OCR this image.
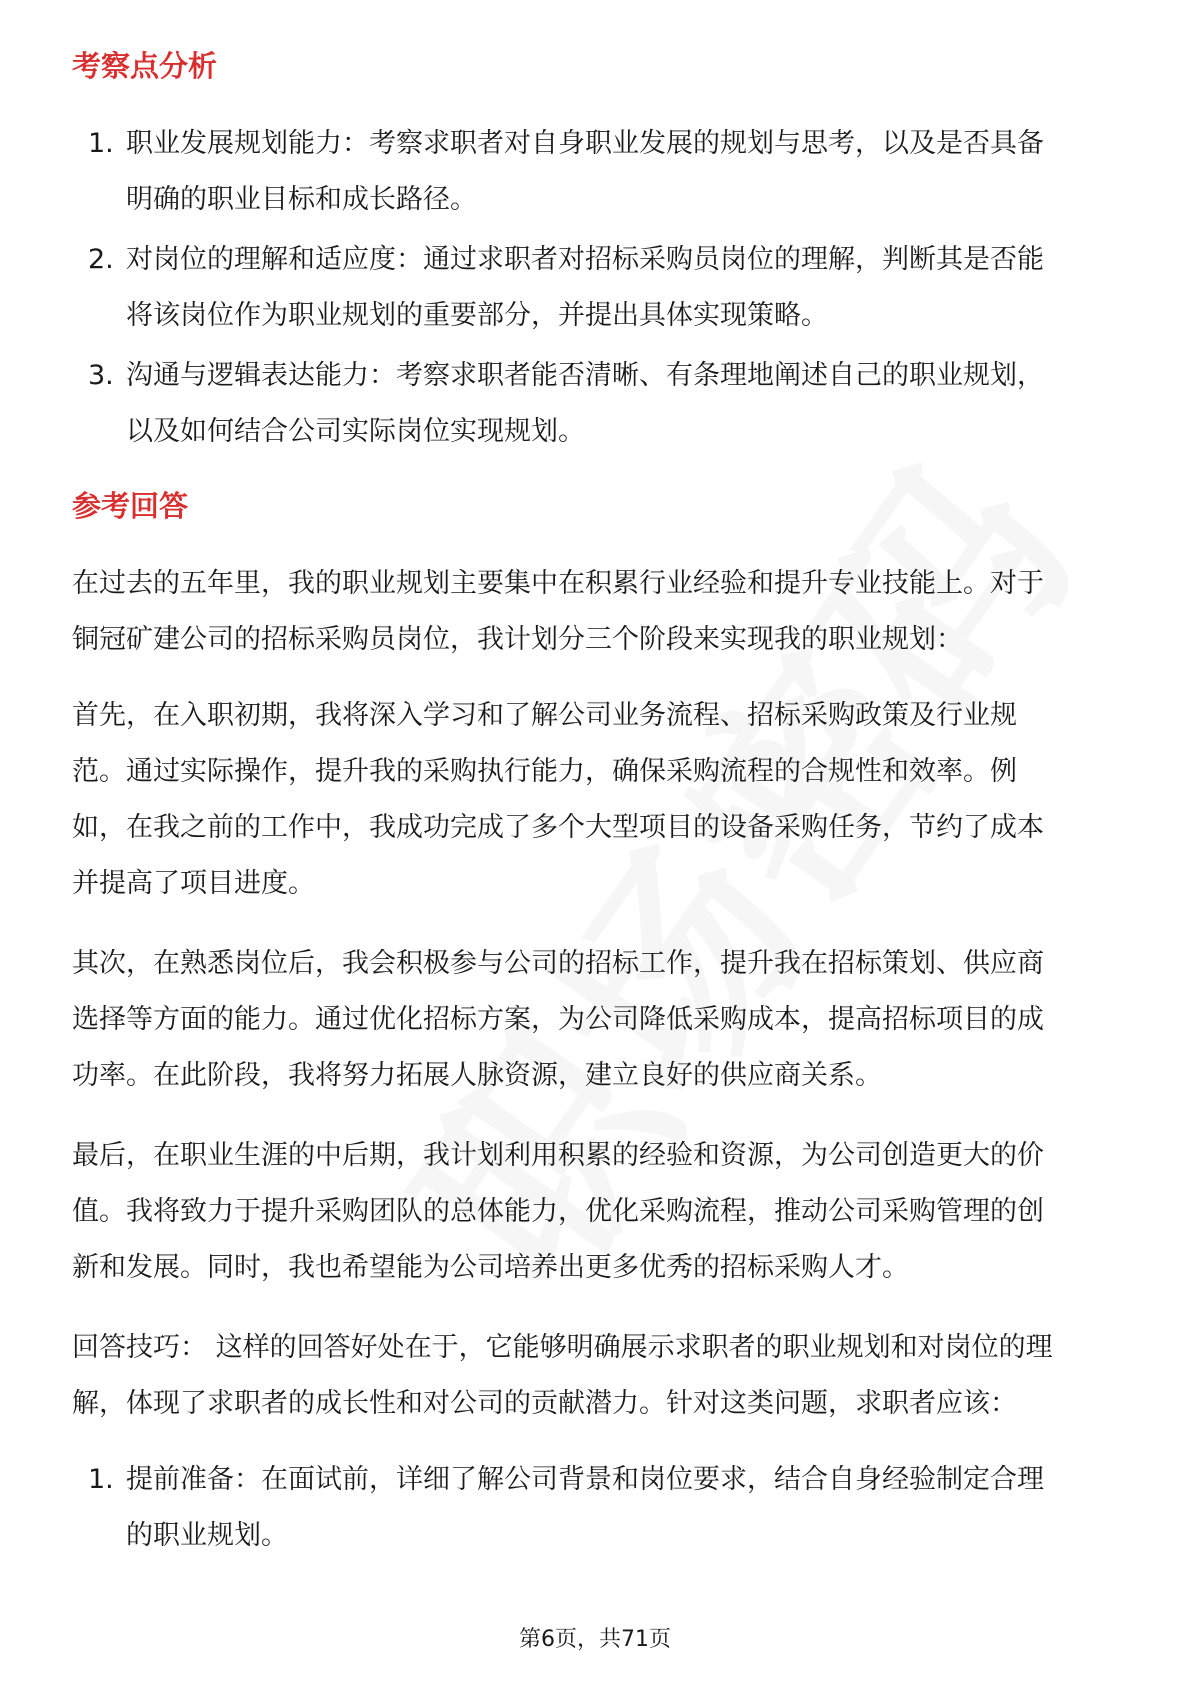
考察点分析
1. 职业发展规划能力：考察求职者对自身职业发展的规划与思考，以及是否具备
明确的职业目标和成长路径。
2. 对岗位的理解和适应度：通过求职者对招标采购员岗位的理解，判断其是否能
将该岗位作为职业规划的重要部分，并提出具体实现策略。
3. 沟通与逻辑表达能力：考察求职者能否清晰、有条理地阐述自己的职业规划，
以及如何结合公司实际岗位实现规划。
参考回答

在过去的五年里，我的职业规划主要集中在积累行业经验和提升专业技能上。对于
铜冠矿建公司的招标采购员岗位，我计划分三个阶段来实现我的职业规划：

首先，在入职初期，我将深入学习和了解公司业务流程、招标采购政策及行业规
范。通过实际操作，提升我的采购执行能力，确保采购流程的合规性和效率。例
如，在我之前的工作中，我成功完成了多个大型项目的设备采购任务，节约了成本
并提高了项目进度。

其次，在熟悉岗位后，我会积极参与公司的招标工作，提升我在招标策划、供应商
选择等方面的能力。通过优化招标方案，为公司降低采购成本，提高招标项目的成
功率。在此阶段，我将努力拓展人脉资源，建立良好的供应商关系。

最后，在职业生涯的中后期，我计划利用积累的经验和资源，为公司创造更大的价
值。我将致力于提升采购团队的总体能力，优化采购流程，推动公司采购管理的创
新和发展。同时，我也希望能为公司培养出更多优秀的招标采购人才。

回答技巧： 这样的回答好处在于，它能够明确展示求职者的职业规划和对岗位的理
解，体现了求职者的成长性和对公司的贡献潜力。针对这类问题，求职者应该：

1. 提前准备：在面试前，详细了解公司背景和岗位要求，结合自身经验制定合理
的职业规划。
第6页，共71页
